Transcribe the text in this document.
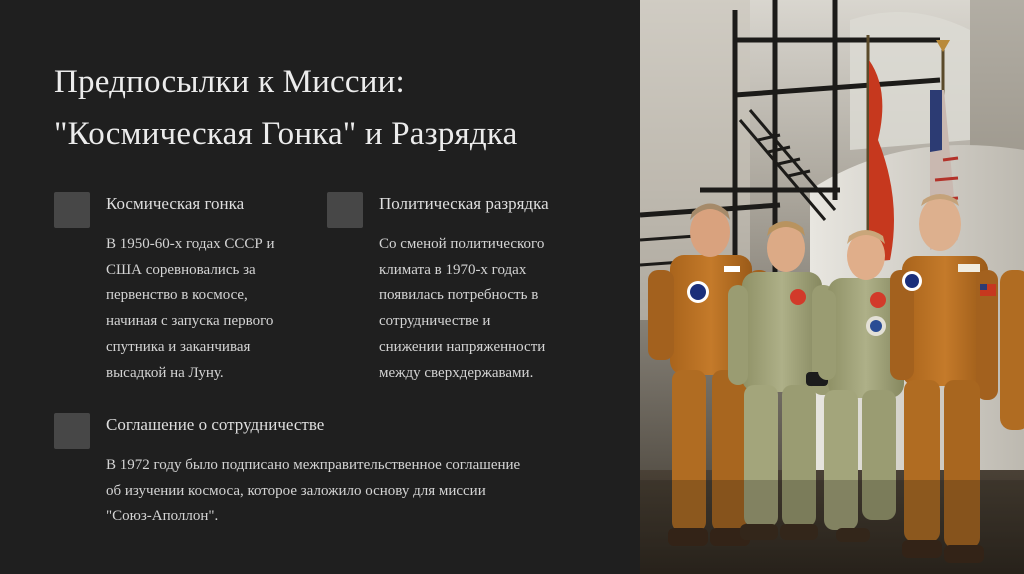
Предпосылки к Миссии:
"Космическая Гонка" и Разрядка
Космическая гонка

В 1950-60-х годах СССР и
США соревновались за
первенство в космосе,
начиная с запуска первого
спутника и заканчивая
высадкой на Луну.

Политическая разрядка

Со сменой политического
климата в 1970-х годах
появилась потребность в
сотрудничестве и
снижении напряженности
между сверхдержавами.

Соглашение о сотрудничестве

В 1972 году было подписано межправительственное соглашение
об изучении космоса, которое заложило основу для миссии
"Союз-Аполлон".
